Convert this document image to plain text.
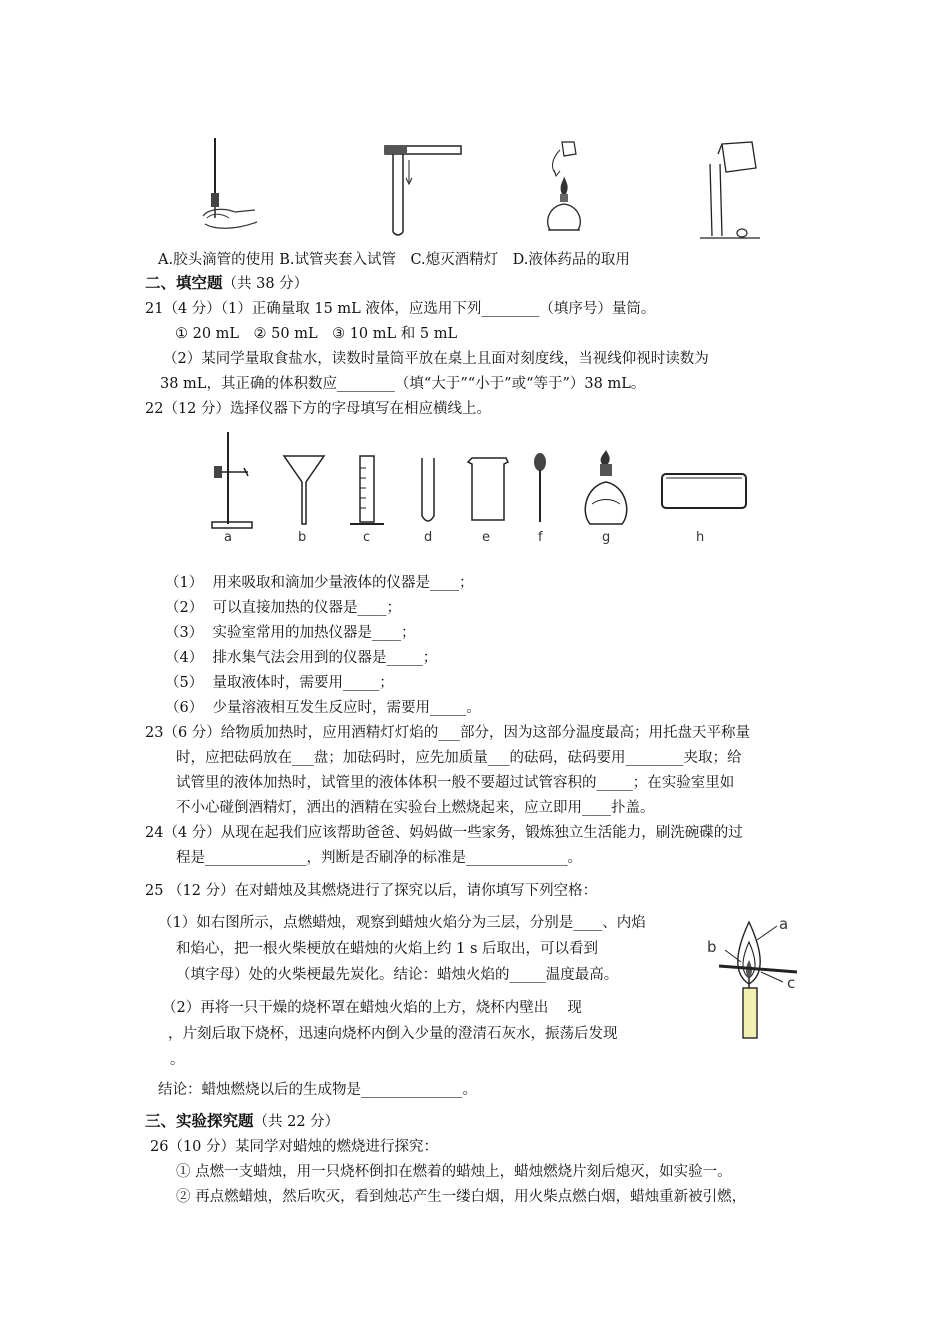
A.胶头滴管的使用 B.试管夹套入试管　C.熄灭酒精灯　D.液体药品的取用
二、填空题（共 38 分）
21（4 分）（1）正确量取 15 mL 液体，应选用下列________（填序号）量筒。
① 20 mL　② 50 mL　③ 10 mL 和 5 mL
（2）某同学量取食盐水，读数时量筒平放在桌上且面对刻度线，当视线仰视时读数为
38 mL，其正确的体积数应________（填“大于”“小于”或“等于”）38 mL。
22（12 分）选择仪器下方的字母填写在相应横线上。
a	b	c	d	e	f	g	h
（1） 用来吸取和滴加少量液体的仪器是____；
（2） 可以直接加热的仪器是____；
（3） 实验室常用的加热仪器是____；
（4） 排水集气法会用到的仪器是_____；
（5） 量取液体时，需要用_____；
（6） 少量溶液相互发生反应时，需要用_____。
23（6 分）给物质加热时，应用酒精灯灯焰的___部分，因为这部分温度最高；用托盘天平称量
时，应把砝码放在___盘；加砝码时，应先加质量___的砝码，砝码要用________夹取；给
试管里的液体加热时，试管里的液体体积一般不要超过试管容积的_____；在实验室里如
不小心碰倒酒精灯，洒出的酒精在实验台上燃烧起来，应立即用____扑盖。
24（4 分）从现在起我们应该帮助爸爸、妈妈做一些家务，锻炼独立生活能力，刷洗碗碟的过
程是______________，判断是否刷净的标准是______________。
25 （12 分）在对蜡烛及其燃烧进行了探究以后，请你填写下列空格：
（1）如右图所示，点燃蜡烛，观察到蜡烛火焰分为三层，分别是____、内焰
和焰心，把一根火柴梗放在蜡烛的火焰上约 1 s 后取出，可以看到
（填字母）处的火柴梗最先炭化。结论：蜡烛火焰的_____温度最高。
（2）再将一只干燥的烧杯罩在蜡烛火焰的上方，烧杯内壁出　 现
，片刻后取下烧杯，迅速向烧杯内倒入少量的澄清石灰水，振荡后发现
。
a
b
c
结论：蜡烛燃烧以后的生成物是______________。
三、实验探究题（共 22 分）
26（10 分）某同学对蜡烛的燃烧进行探究：
① 点燃一支蜡烛，用一只烧杯倒扣在燃着的蜡烛上，蜡烛燃烧片刻后熄灭，如实验一。
② 再点燃蜡烛，然后吹灭，看到烛芯产生一缕白烟，用火柴点燃白烟，蜡烛重新被引燃，
